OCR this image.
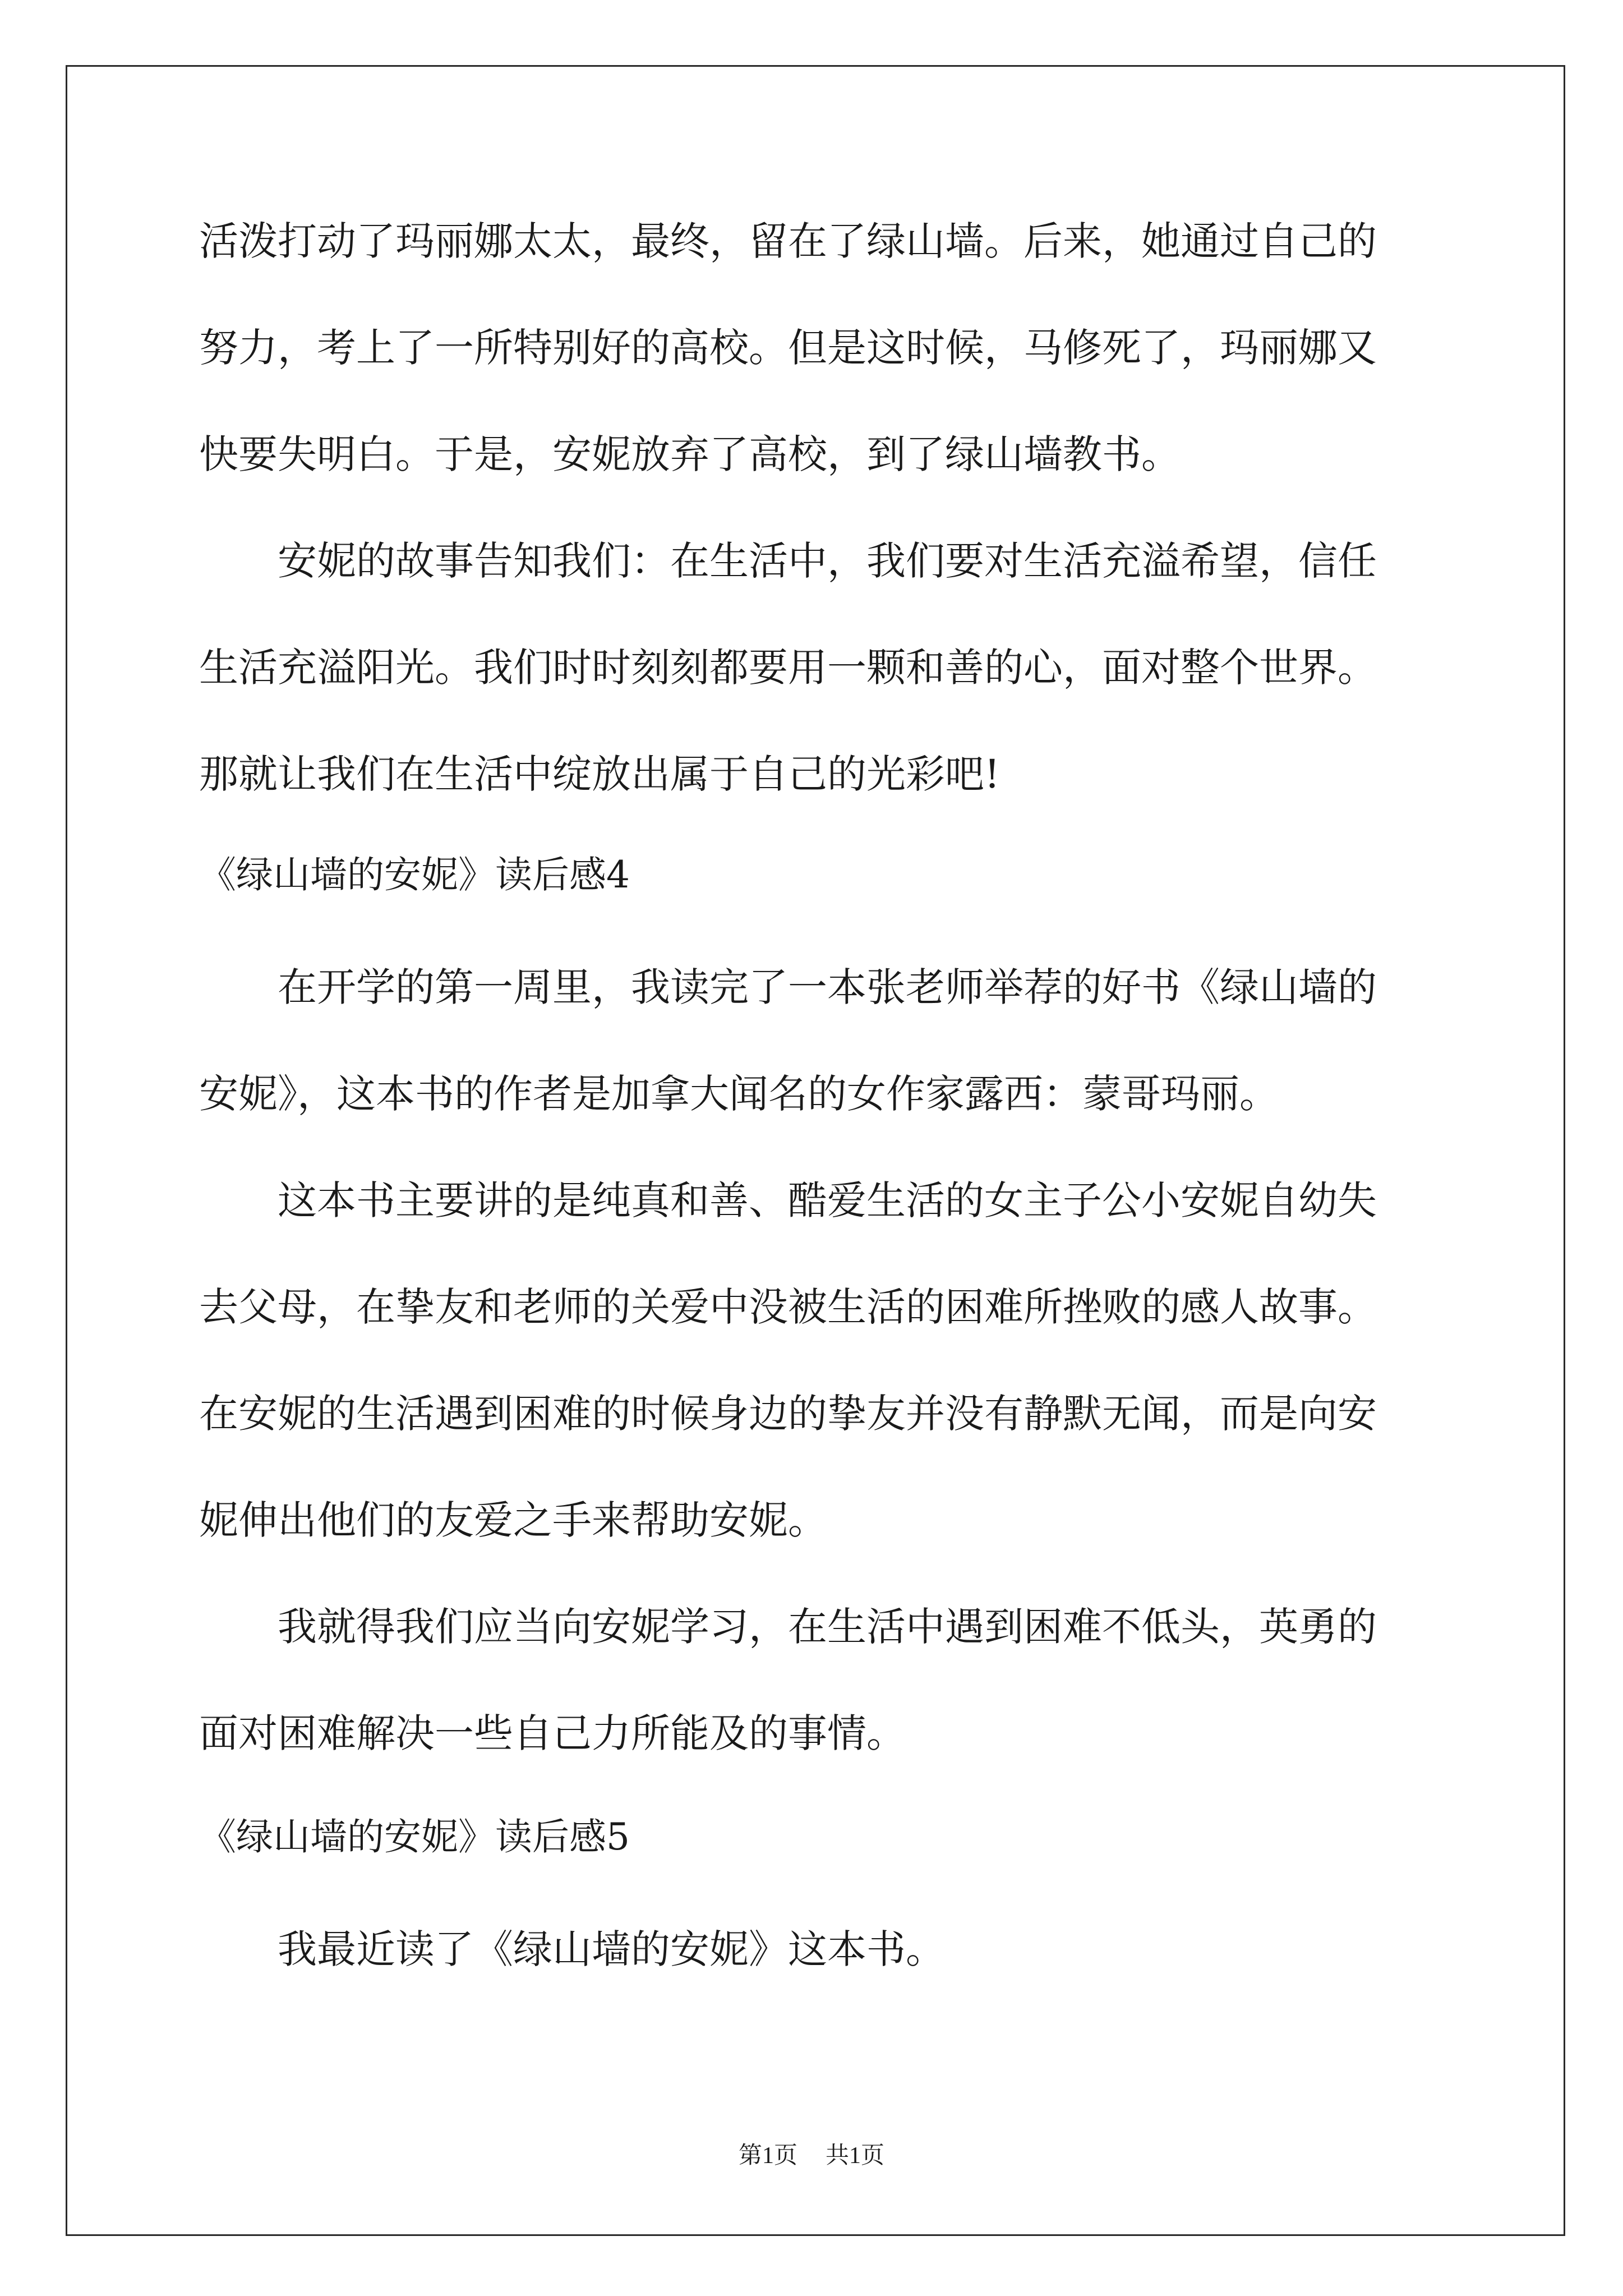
活泼打动了玛丽娜太太，最终，留在了绿山墙。后来，她通过自己的
努力，考上了一所特别好的高校。但是这时候，马修死了，玛丽娜又
快要失明白。于是，安妮放弃了高校，到了绿山墙教书。
　　安妮的故事告知我们：在生活中，我们要对生活充溢希望，信任
生活充溢阳光。我们时时刻刻都要用一颗和善的心，面对整个世界。
那就让我们在生活中绽放出属于自己的光彩吧!
《绿山墙的安妮》读后感4
　　在开学的第一周里，我读完了一本张老师举荐的好书《绿山墙的
安妮》，这本书的作者是加拿大闻名的女作家露西：蒙哥玛丽。
　　这本书主要讲的是纯真和善、酷爱生活的女主子公小安妮自幼失
去父母，在挚友和老师的关爱中没被生活的困难所挫败的感人故事。
在安妮的生活遇到困难的时候身边的挚友并没有静默无闻，而是向安
妮伸出他们的友爱之手来帮助安妮。
　　我就得我们应当向安妮学习，在生活中遇到困难不低头，英勇的
面对困难解决一些自己力所能及的事情。
《绿山墙的安妮》读后感5
　　我最近读了《绿山墙的安妮》这本书。
第1页 共1页
